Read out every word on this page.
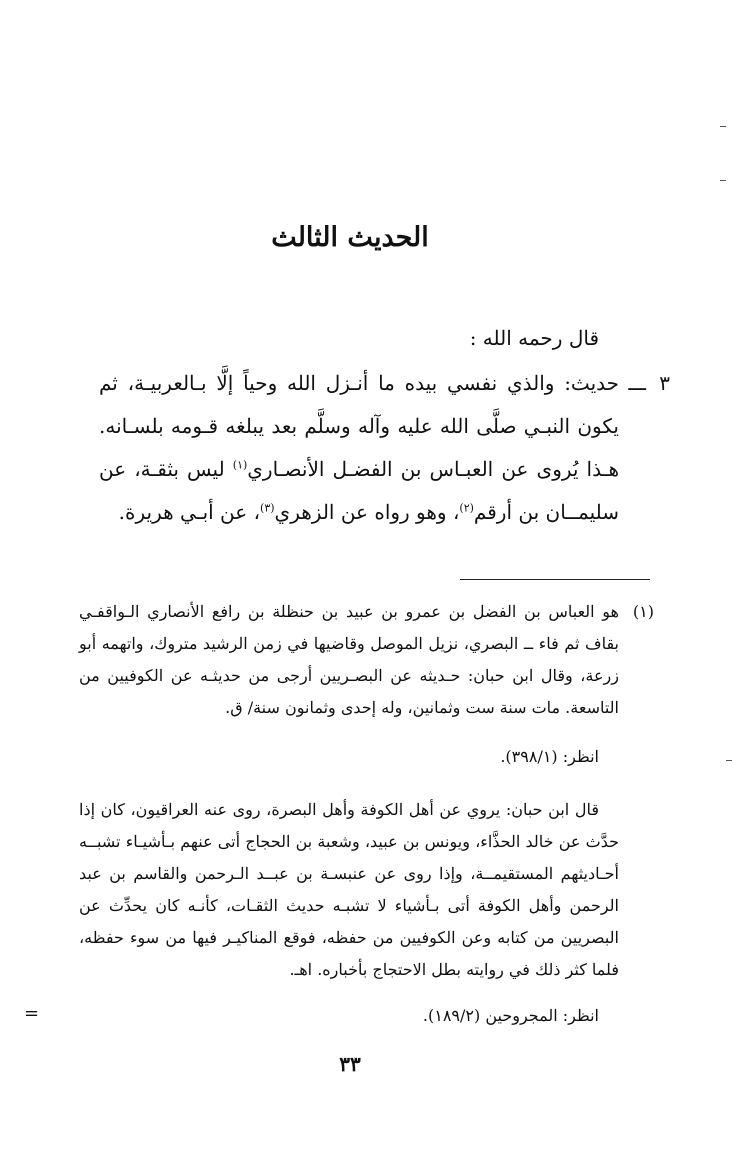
الحديث الثالث
قال رحمه الله :
٣
ـــ
حديث: والذي نفسي بيده ما أنـزل الله وحياً إلَّا بـالعربيـة، ثم يكون النبـي صلَّى الله عليه وآله وسلَّم بعد يبلغه قـومه بلسـانه. هـذا يُروى عن العبـاس بن الفضـل الأنصـاري$^{(١)}$ ليس بثقـة، عن سليمــان بن أرقم$^{(٢)}$، وهو رواه عن الزهري$^{(٣)}$، عن أبـي هريرة.
(١)
هو العباس بن الفضل بن عمرو بن عبيد بن حنظلة بن رافع الأنصاري الـواقفـي بقاف ثم فاء ــ البصري، نزيل الموصل وقاضيها في زمن الرشيد متروك، واتهمه أبو زرعة، وقال ابن حبان: حـديثه عن البصـريين أرجى من حديثـه عن الكوفيين من التاسعة. مات سنة ست وثمانين، وله إحدى وثمانون سنة/ ق.
انظر: (٣٩٨/١).
قال ابن حبان: يروي عن أهل الكوفة وأهل البصرة، روى عنه العراقيون، كان إذا حدَّث عن خالد الحذَّاء، ويونس بن عبيد، وشعبة بن الحجاج أتى عنهم بـأشيـاء تشبــه أحـاديثهم المستقيمــة، وإذا روى عن عنبسـة بن عبــد الـرحمن والقاسم بن عبد الرحمن وأهل الكوفة أتى بـأشياء لا تشبـه حديث الثقـات، كأنـه كان يحدِّث عن البصريين من كتابه وعن الكوفيين من حفظه، فوقع المناكيـر فيها من سوء حفظه، فلما كثر ذلك في روايته بطل الاحتجاج بأخباره. اهـ.
انظر: المجروحين (١٨٩/٢).
=
٣٣
